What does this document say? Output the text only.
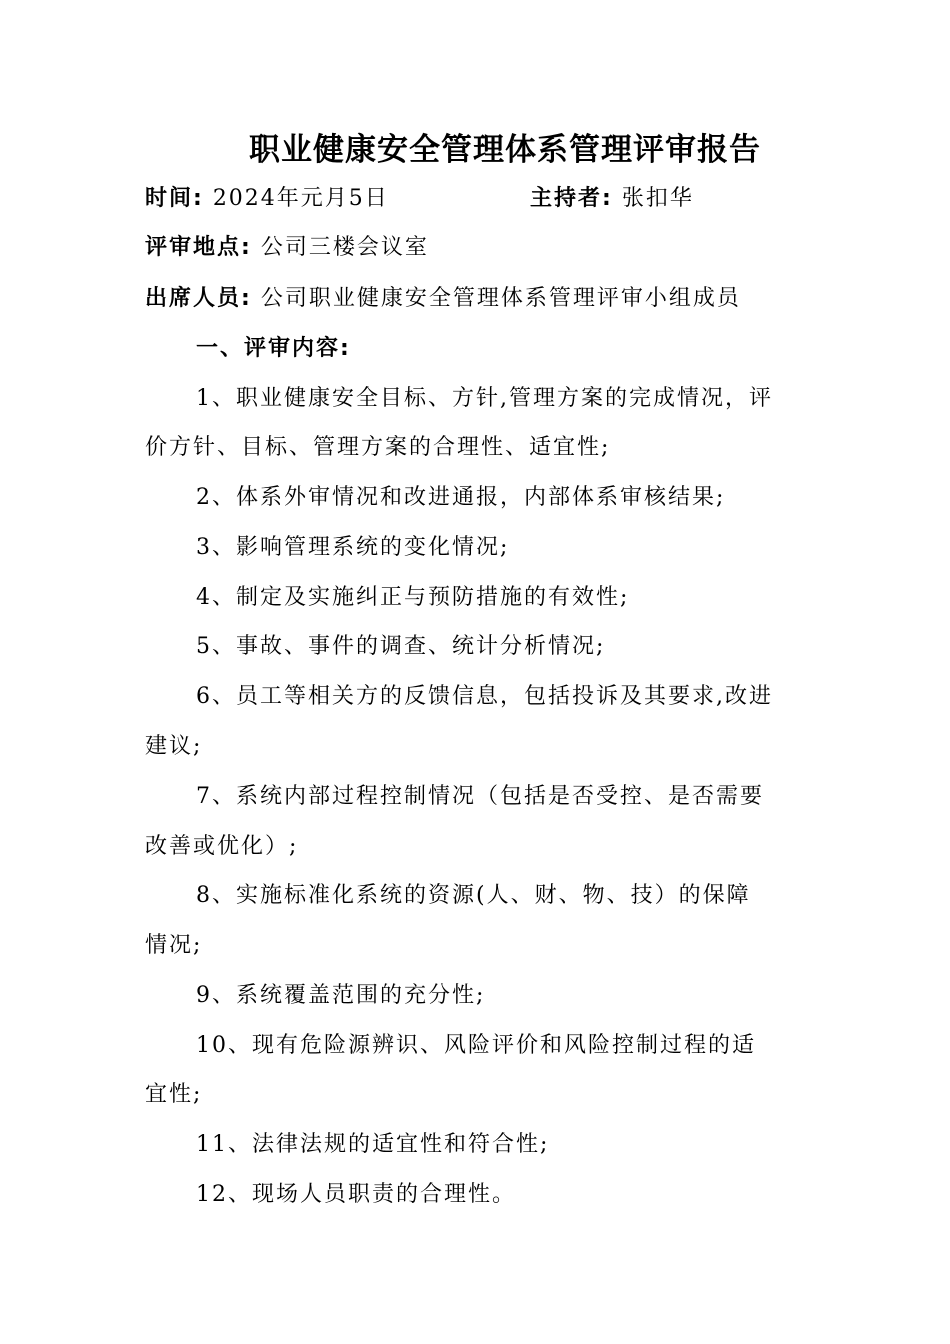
职业健康安全管理体系管理评审报告
时间: 2024年元月5日	主持者: 张扣华
评审地点: 公司三楼会议室
出席人员: 公司职业健康安全管理体系管理评审小组成员
一、评审内容:
1、职业健康安全目标、方针,管理方案的完成情况，评
价方针、目标、管理方案的合理性、适宜性;
2、体系外审情况和改进通报，内部体系审核结果;
3、影响管理系统的变化情况;
4、制定及实施纠正与预防措施的有效性;
5、事故、事件的调查、统计分析情况;
6、员工等相关方的反馈信息，包括投诉及其要求,改进
建议;
7、系统内部过程控制情况（包括是否受控、是否需要
改善或优化）;
8、实施标准化系统的资源(人、财、物、技）的保障
情况;
9、系统覆盖范围的充分性;
10、现有危险源辨识、风险评价和风险控制过程的适
宜性;
11、法律法规的适宜性和符合性;
12、现场人员职责的合理性。
